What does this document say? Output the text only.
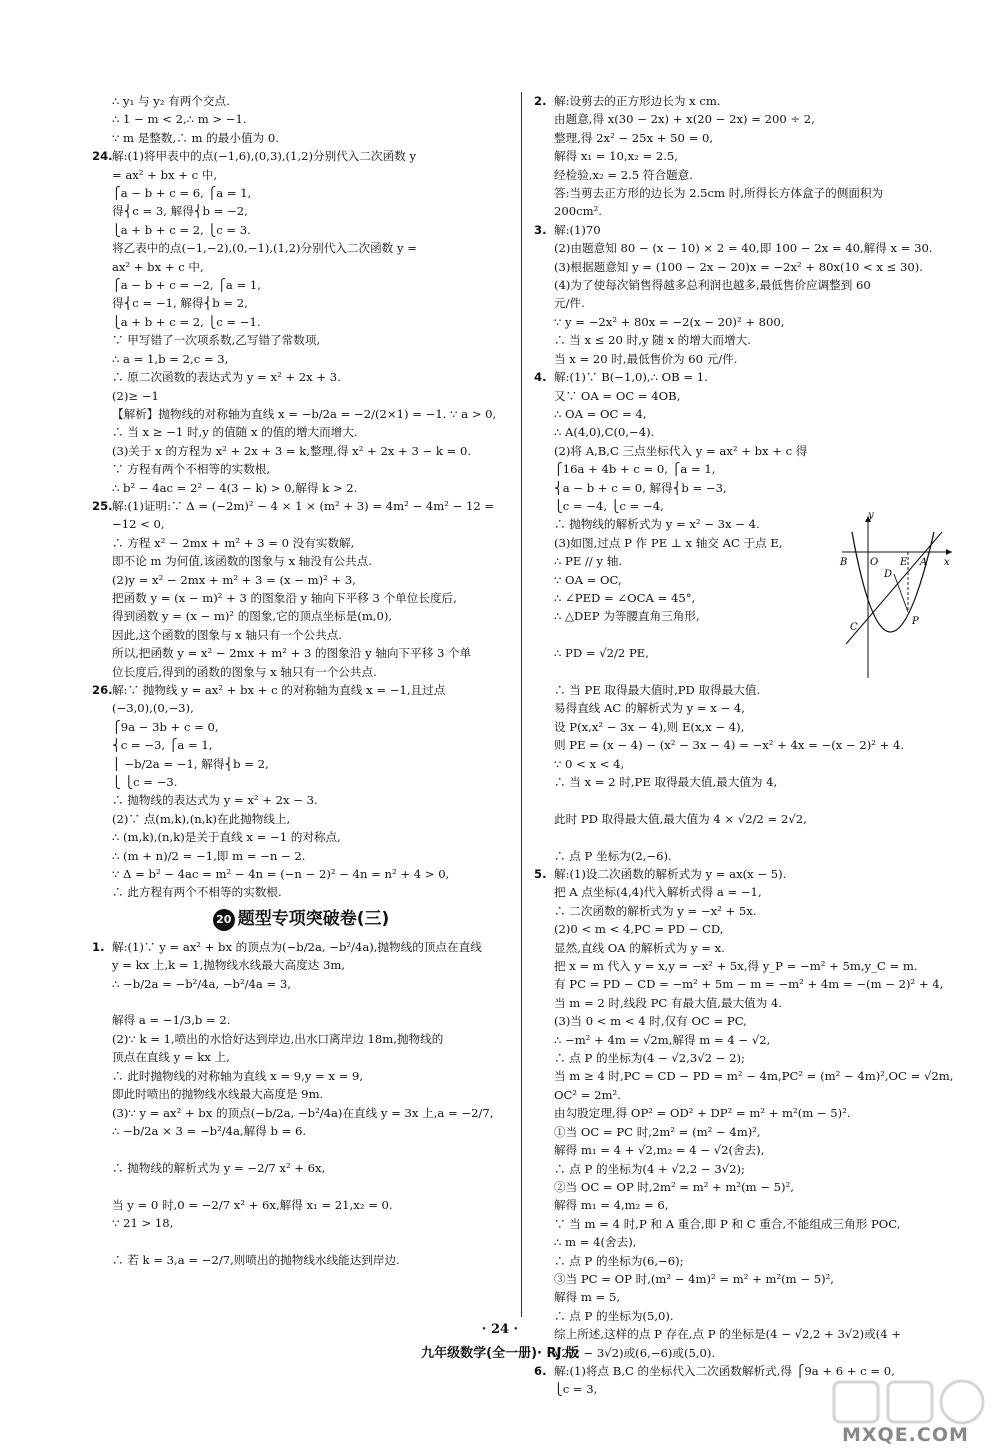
∴ y₁ 与 y₂ 有两个交点.
∴ 1 − m < 2,∴ m > −1.
∵ m 是整数,∴ m 的最小值为 0.
24.解:(1)将甲表中的点(−1,6),(0,3),(1,2)分别代入二次函数 y
= ax² + bx + c 中,
⎧a − b + c = 6, ⎧a = 1,
得⎨c = 3, 解得⎨b = −2,
⎩a + b + c = 2, ⎩c = 3.
将乙表中的点(−1,−2),(0,−1),(1,2)分别代入二次函数 y =
ax² + bx + c 中,
⎧a − b + c = −2, ⎧a = 1,
得⎨c = −1, 解得⎨b = 2,
⎩a + b + c = 2, ⎩c = −1.
∵ 甲写错了一次项系数,乙写错了常数项,
∴ a = 1,b = 2,c = 3,
∴ 原二次函数的表达式为 y = x² + 2x + 3.
(2)≥ −1
【解析】抛物线的对称轴为直线 x = −b/2a = −2/(2×1) = −1. ∵ a > 0,
∴ 当 x ≥ −1 时,y 的值随 x 的值的增大而增大.
(3)关于 x 的方程为 x² + 2x + 3 = k,整理,得 x² + 2x + 3 − k = 0.
∵ 方程有两个不相等的实数根,
∴ b² − 4ac = 2² − 4(3 − k) > 0,解得 k > 2.
25.解:(1)证明:∵ Δ = (−2m)² − 4 × 1 × (m² + 3) = 4m² − 4m² − 12 =
−12 < 0,
∴ 方程 x² − 2mx + m² + 3 = 0 没有实数解,
即不论 m 为何值,该函数的图象与 x 轴没有公共点.
(2)y = x² − 2mx + m² + 3 = (x − m)² + 3,
把函数 y = (x − m)² + 3 的图象沿 y 轴向下平移 3 个单位长度后,
得到函数 y = (x − m)² 的图象,它的顶点坐标是(m,0),
因此,这个函数的图象与 x 轴只有一个公共点.
所以,把函数 y = x² − 2mx + m² + 3 的图象沿 y 轴向下平移 3 个单
位长度后,得到的函数的图象与 x 轴只有一个公共点.
26.解:∵ 抛物线 y = ax² + bx + c 的对称轴为直线 x = −1,且过点
(−3,0),(0,−3),
⎧9a − 3b + c = 0,
⎨c = −3, ⎧a = 1,
⎪ −b/2a = −1, 解得⎨b = 2,
⎩ ⎩c = −3.
∴ 抛物线的表达式为 y = x² + 2x − 3.
(2)∵ 点(m,k),(n,k)在此抛物线上,
∴ (m,k),(n,k)是关于直线 x = −1 的对称点,
∴ (m + n)/2 = −1,即 m = −n − 2.
∵ Δ = b² − 4ac = m² − 4n = (−n − 2)² − 4n = n² + 4 > 0,
∴ 此方程有两个不相等的实数根.
20 题型专项突破卷(三)
1. 解:(1)∵ y = ax² + bx 的顶点为(−b/2a, −b²/4a),抛物线的顶点在直线
y = kx 上,k = 1,抛物线水线最大高度达 3m,
∴ −b/2a = −b²/4a, −b²/4a = 3,
解得 a = −1/3,b = 2.
(2)∵ k = 1,喷出的水恰好达到岸边,出水口离岸边 18m,抛物线的
顶点在直线 y = kx 上,
∴ 此时抛物线的对称轴为直线 x = 9,y = x = 9,
即此时喷出的抛物线水线最大高度是 9m.
(3)∵ y = ax² + bx 的顶点(−b/2a, −b²/4a)在直线 y = 3x 上,a = −2/7,
∴ −b/2a × 3 = −b²/4a,解得 b = 6.
∴ 抛物线的解析式为 y = −2/7 x² + 6x,
当 y = 0 时,0 = −2/7 x² + 6x,解得 x₁ = 21,x₂ = 0.
∵ 21 > 18,
∴ 若 k = 3,a = −2/7,则喷出的抛物线水线能达到岸边.
2. 解:设剪去的正方形边长为 x cm.
由题意,得 x(30 − 2x) + x(20 − 2x) = 200 ÷ 2,
整理,得 2x² − 25x + 50 = 0,
解得 x₁ = 10,x₂ = 2.5,
经检验,x₂ = 2.5 符合题意.
答:当剪去正方形的边长为 2.5cm 时,所得长方体盒子的侧面积为
200cm².
3. 解:(1)70
(2)由题意知 80 − (x − 10) × 2 = 40,即 100 − 2x = 40,解得 x = 30.
(3)根据题意知 y = (100 − 2x − 20)x = −2x² + 80x(10 < x ≤ 30).
(4)为了使每次销售得越多总利润也越多,最低售价应调整到 60
元/件.
∵ y = −2x² + 80x = −2(x − 20)² + 800,
∴ 当 x ≤ 20 时,y 随 x 的增大而增大.
当 x = 20 时,最低售价为 60 元/件.
4. 解:(1)∵ B(−1,0),∴ OB = 1.
又∵ OA = OC = 4OB,
∴ OA = OC = 4,
∴ A(4,0),C(0,−4).
(2)将 A,B,C 三点坐标代入 y = ax² + bx + c 得
⎧16a + 4b + c = 0, ⎧a = 1,
⎨a − b + c = 0, 解得⎨b = −3,
⎩c = −4, ⎩c = −4,
∴ 抛物线的解析式为 y = x² − 3x − 4.
(3)如图,过点 P 作 PE ⊥ x 轴交 AC 于点 E,
∴ PE // y 轴.
∵ OA = OC,
∴ ∠PED = ∠OCA = 45°,
∴ △DEP 为等腰直角三角形,
∴ PD = √2/2 PE,
∴ 当 PE 取得最大值时,PD 取得最大值.
易得直线 AC 的解析式为 y = x − 4,
设 P(x,x² − 3x − 4),则 E(x,x − 4),
则 PE = (x − 4) − (x² − 3x − 4) = −x² + 4x = −(x − 2)² + 4.
∵ 0 < x < 4,
∴ 当 x = 2 时,PE 取得最大值,最大值为 4,
此时 PD 取得最大值,最大值为 4 × √2/2 = 2√2,
∴ 点 P 坐标为(2,−6).
5. 解:(1)设二次函数的解析式为 y = ax(x − 5).
把 A 点坐标(4,4)代入解析式得 a = −1,
∴ 二次函数的解析式为 y = −x² + 5x.
(2)0 < m < 4,PC = PD − CD,
显然,直线 OA 的解析式为 y = x.
把 x = m 代入 y = x,y = −x² + 5x,得 y_P = −m² + 5m,y_C = m.
有 PC = PD − CD = −m² + 5m − m = −m² + 4m = −(m − 2)² + 4,
当 m = 2 时,线段 PC 有最大值,最大值为 4.
(3)当 0 < m < 4 时,仅有 OC = PC,
∴ −m² + 4m = √2m,解得 m = 4 − √2,
∴ 点 P 的坐标为(4 − √2,3√2 − 2);
当 m ≥ 4 时,PC = CD − PD = m² − 4m,PC² = (m² − 4m)²,OC = √2m,
OC² = 2m².
由勾股定理,得 OP² = OD² + DP² = m² + m²(m − 5)².
①当 OC = PC 时,2m² = (m² − 4m)²,
解得 m₁ = 4 + √2,m₂ = 4 − √2(舍去),
∴ 点 P 的坐标为(4 + √2,2 − 3√2);
②当 OC = OP 时,2m² = m² + m²(m − 5)²,
解得 m₁ = 4,m₂ = 6,
∵ 当 m = 4 时,P 和 A 重合,即 P 和 C 重合,不能组成三角形 POC,
∴ m = 4(舍去),
∴ 点 P 的坐标为(6,−6);
③当 PC = OP 时,(m² − 4m)² = m² + m²(m − 5)²,
解得 m = 5,
∴ 点 P 的坐标为(5,0).
综上所述,这样的点 P 存在,点 P 的坐标是(4 − √2,2 + 3√2)或(4 +
√2,2 − 3√2)或(6,−6)或(5,0).
6. 解:(1)将点 B,C 的坐标代入二次函数解析式,得 ⎧9a + 6 + c = 0,
⎩c = 3,
y
x
B O E A
D
C
P
· 24 ·
九年级数学(全一册)· RJ 版
MXQE.COM
